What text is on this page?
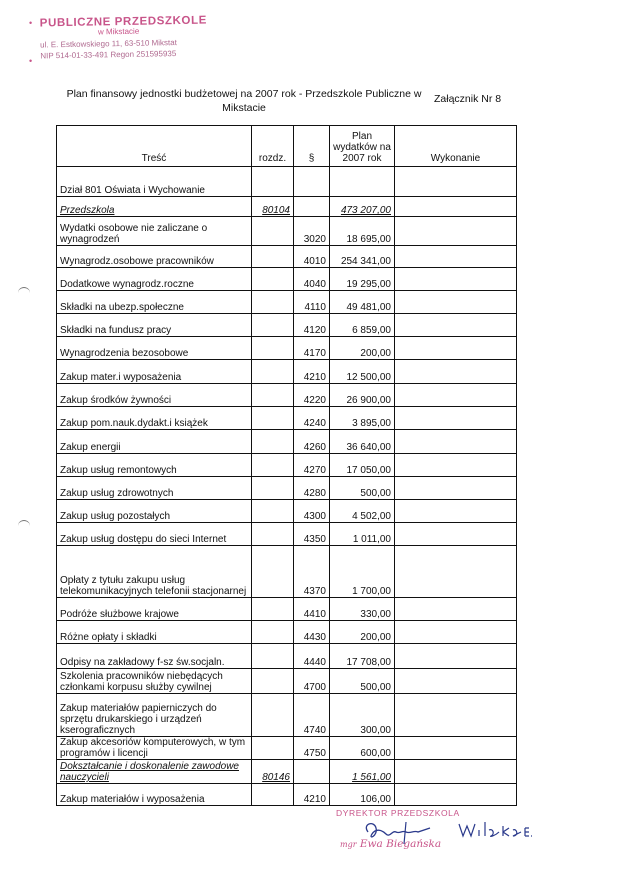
PUBLICZNE PRZEDSZKOLE
w Mikstacie
ul. E. Estkowskiego 11, 63-510 Mikstat
NIP 514-01-33-491 Regon 251595935
•
•
Plan finansowy jednostki budżetowej na 2007 rok - Przedszkole Publiczne w Mikstacie
Załącznik Nr 8
Treść	rozdz.	§	Plan wydatków na 2007 rok	Wykonanie
Dział 801 Oświata i Wychowanie				
Przedszkola	80104		473 207,00	
Wydatki osobowe nie zaliczane o wynagrodzeń		3020	18 695,00	
Wynagrodz.osobowe pracowników		4010	254 341,00	
Dodatkowe wynagrodz.roczne		4040	19 295,00	
Składki na ubezp.społeczne		4110	49 481,00	
Składki na fundusz pracy		4120	6 859,00	
Wynagrodzenia bezosobowe		4170	200,00	
Zakup mater.i wyposażenia		4210	12 500,00	
Zakup środków żywności		4220	26 900,00	
Zakup pom.nauk.dydakt.i książek		4240	3 895,00	
Zakup energii		4260	36 640,00	
Zakup usług remontowych		4270	17 050,00	
Zakup usług zdrowotnych		4280	500,00	
Zakup usług pozostałych		4300	4 502,00	
Zakup usług dostępu do sieci Internet		4350	1 011,00	
Opłaty z tytułu zakupu usług telekomunikacyjnych telefonii stacjonarnej		4370	1 700,00	
Podróże służbowe krajowe		4410	330,00	
Różne opłaty i składki		4430	200,00	
Odpisy na zakładowy f-sz św.socjaln.		4440	17 708,00	
Szkolenia pracowników niebędących członkami korpusu służby cywilnej		4700	500,00	
Zakup materiałów papierniczych do sprzętu drukarskiego i urządzeń kserograficznych		4740	300,00	
Zakup akcesoriów komputerowych, w tym programów i licencji		4750	600,00	
Dokształcanie i doskonalenie zawodowe nauczycieli	80146		1 561,00	
Zakup materiałów i wyposażenia		4210	106,00	
DYREKTOR PRZEDSZKOLA
mgr Ewa Biegańska
